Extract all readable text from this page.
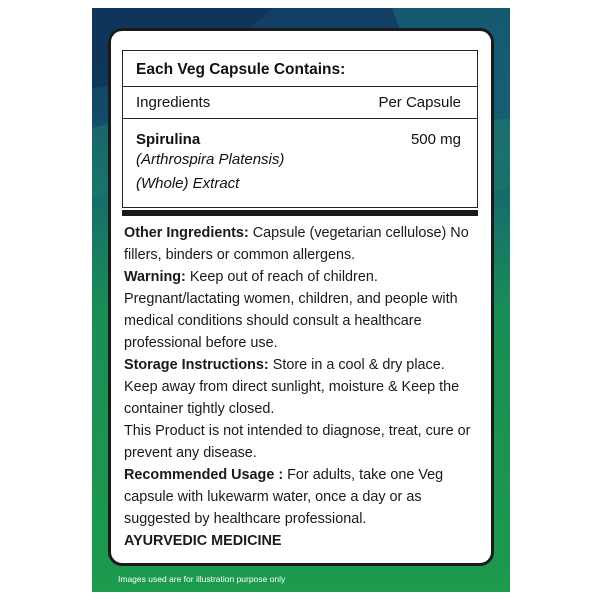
Each Veg Capsule Contains:
Ingredients	Per Capsule
Spirulina
(Arthrospira Platensis)
(Whole) Extract
500 mg

Other Ingredients: Capsule (vegetarian cellulose) No fillers, binders or common allergens.

Warning: Keep out of reach of children. Pregnant/lactating women, children, and people with medical conditions should consult a healthcare professional before use.

Storage Instructions: Store in a cool & dry place.

Keep away from direct sunlight, moisture & Keep the container tightly closed.

This Product is not intended to diagnose, treat, cure or prevent any disease.

Recommended Usage : For adults, take one Veg capsule with lukewarm water, once a day or as suggested by healthcare professional.

AYURVEDIC MEDICINE

Images used are for illustration purpose only
